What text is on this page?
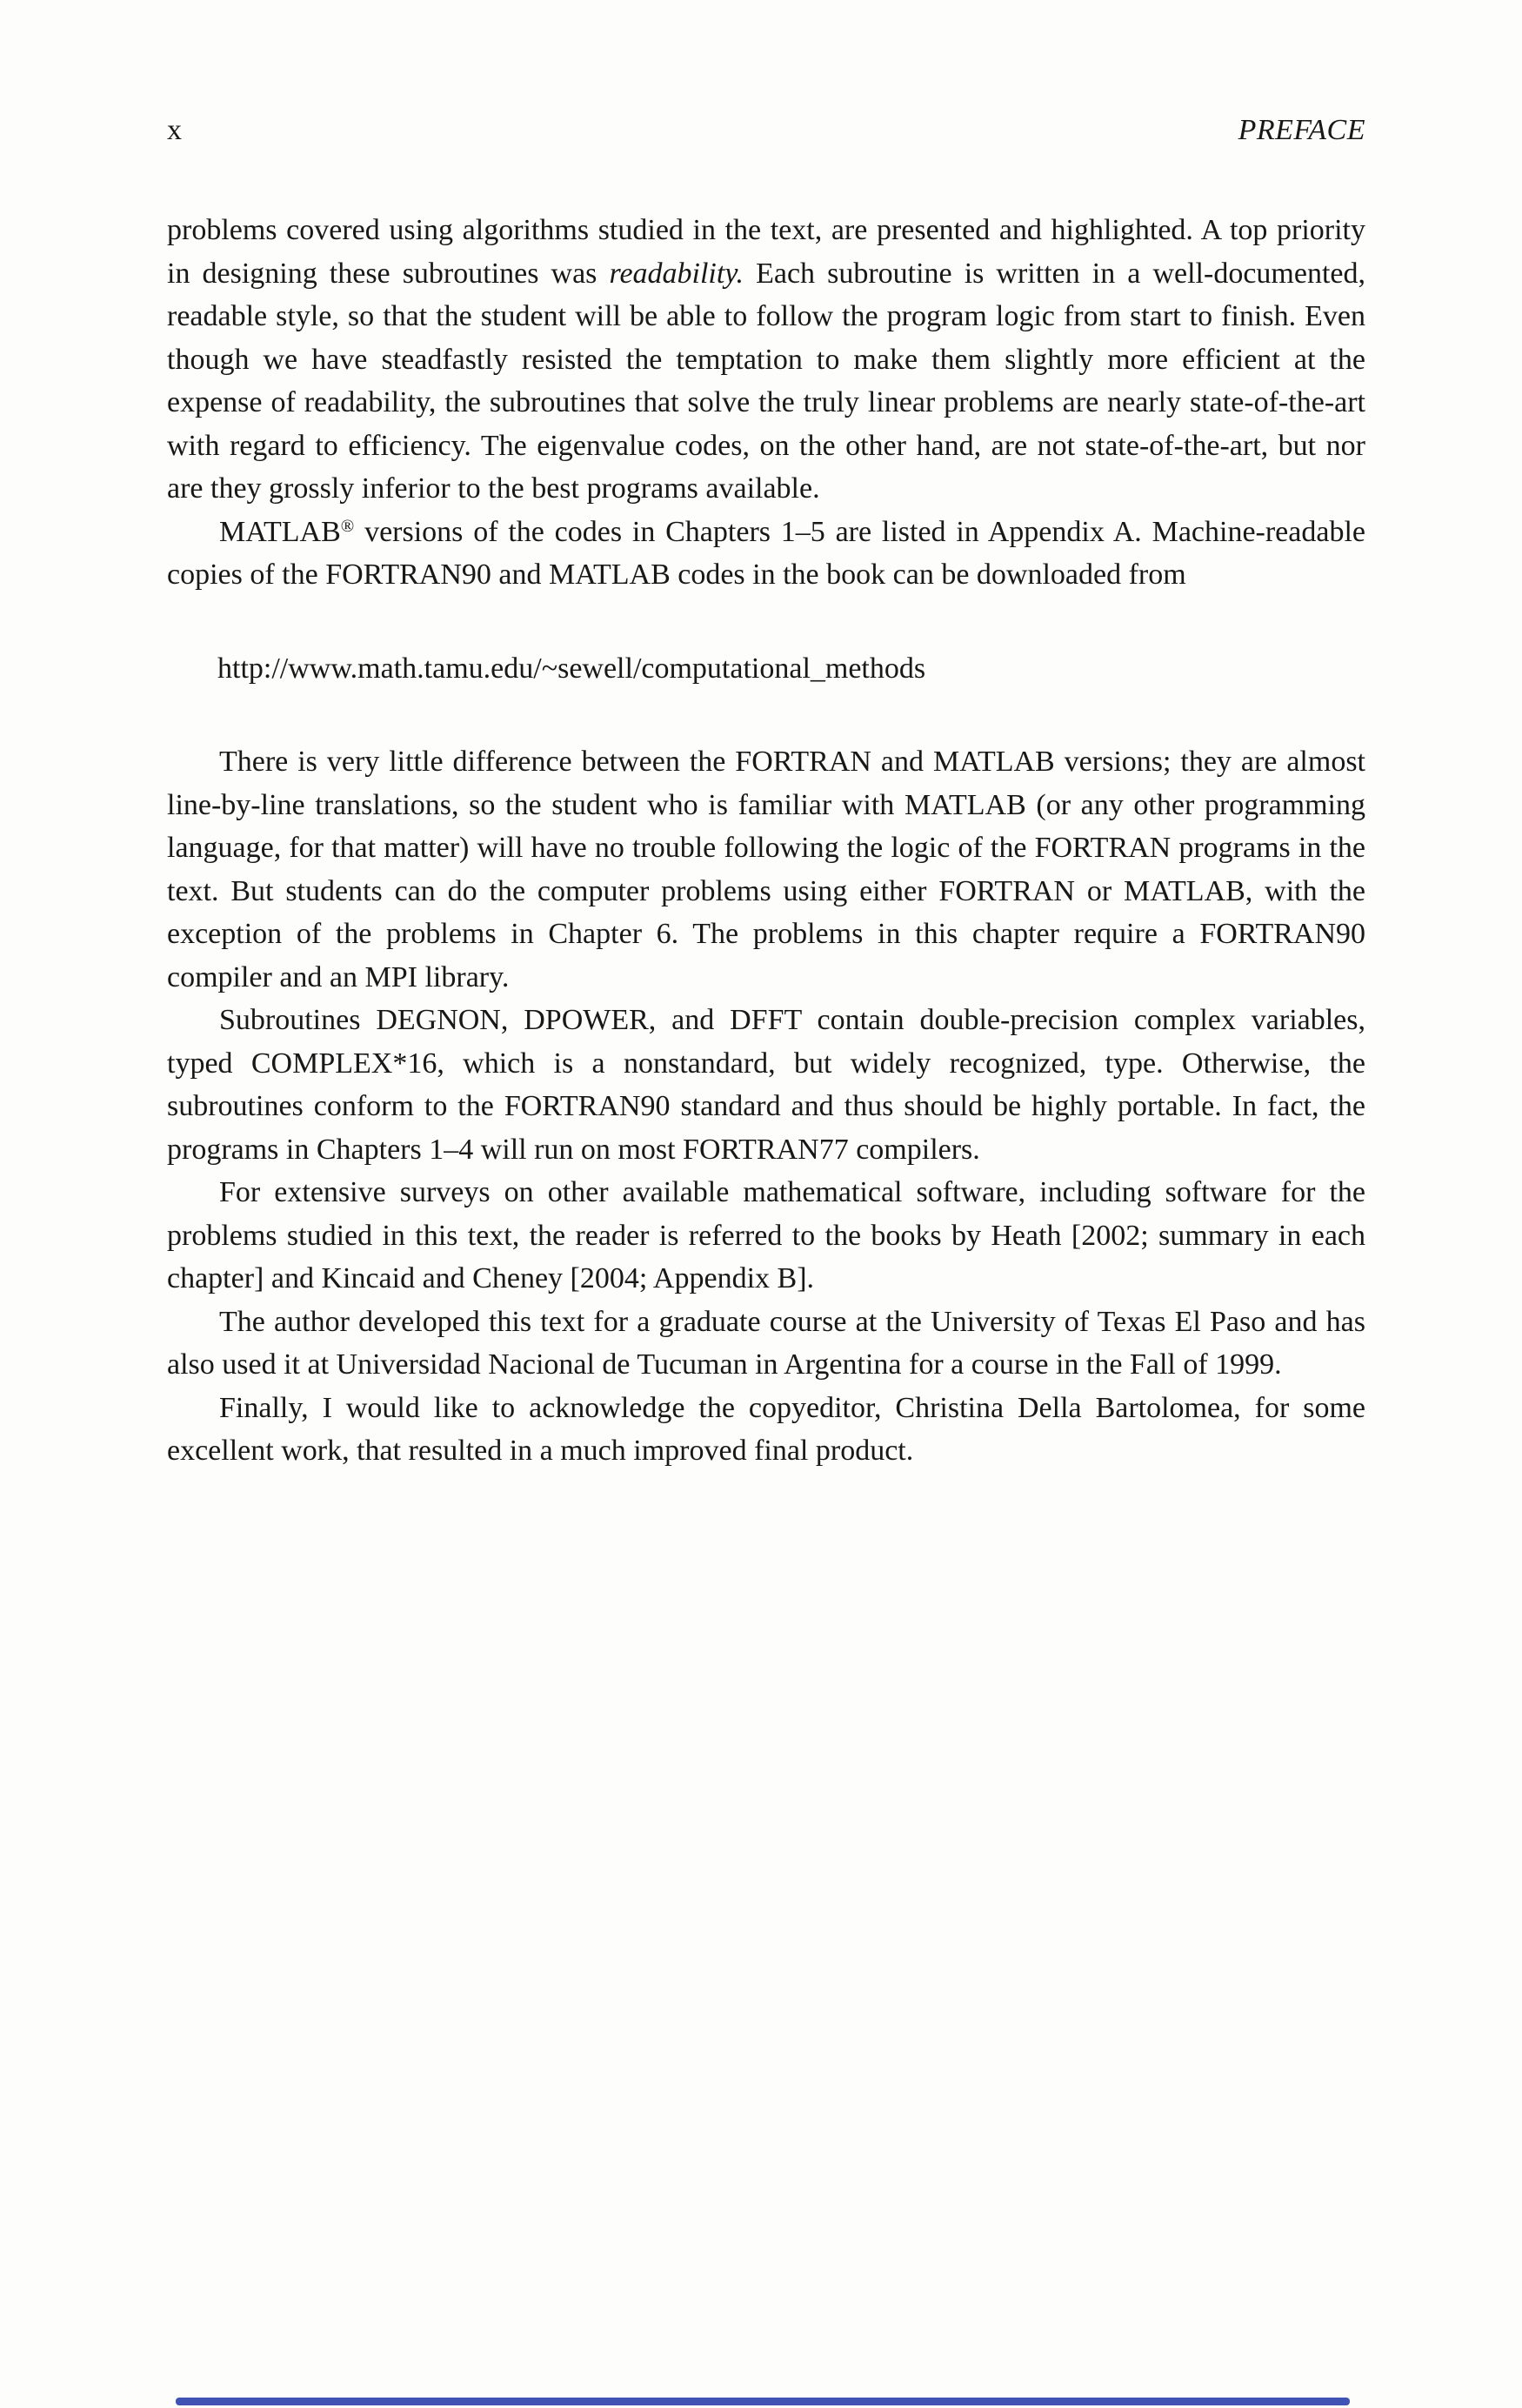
x	PREFACE

problems covered using algorithms studied in the text, are presented and highlighted. A top priority in designing these subroutines was readability. Each subroutine is written in a well-documented, readable style, so that the student will be able to follow the program logic from start to finish. Even though we have steadfastly resisted the temptation to make them slightly more efficient at the expense of readability, the subroutines that solve the truly linear problems are nearly state-of-the-art with regard to efficiency. The eigenvalue codes, on the other hand, are not state-of-the-art, but nor are they grossly inferior to the best programs available.

MATLAB® versions of the codes in Chapters 1–5 are listed in Appendix A. Machine-readable copies of the FORTRAN90 and MATLAB codes in the book can be downloaded from

http://www.math.tamu.edu/~sewell/computational_methods

There is very little difference between the FORTRAN and MATLAB versions; they are almost line-by-line translations, so the student who is familiar with MATLAB (or any other programming language, for that matter) will have no trouble following the logic of the FORTRAN programs in the text. But students can do the computer problems using either FORTRAN or MATLAB, with the exception of the problems in Chapter 6. The problems in this chapter require a FORTRAN90 compiler and an MPI library.

Subroutines DEGNON, DPOWER, and DFFT contain double-precision complex variables, typed COMPLEX*16, which is a nonstandard, but widely recognized, type. Otherwise, the subroutines conform to the FORTRAN90 standard and thus should be highly portable. In fact, the programs in Chapters 1–4 will run on most FORTRAN77 compilers.

For extensive surveys on other available mathematical software, including software for the problems studied in this text, the reader is referred to the books by Heath [2002; summary in each chapter] and Kincaid and Cheney [2004; Appendix B].

The author developed this text for a graduate course at the University of Texas El Paso and has also used it at Universidad Nacional de Tucuman in Argentina for a course in the Fall of 1999.

Finally, I would like to acknowledge the copyeditor, Christina Della Bartolomea, for some excellent work, that resulted in a much improved final product.
